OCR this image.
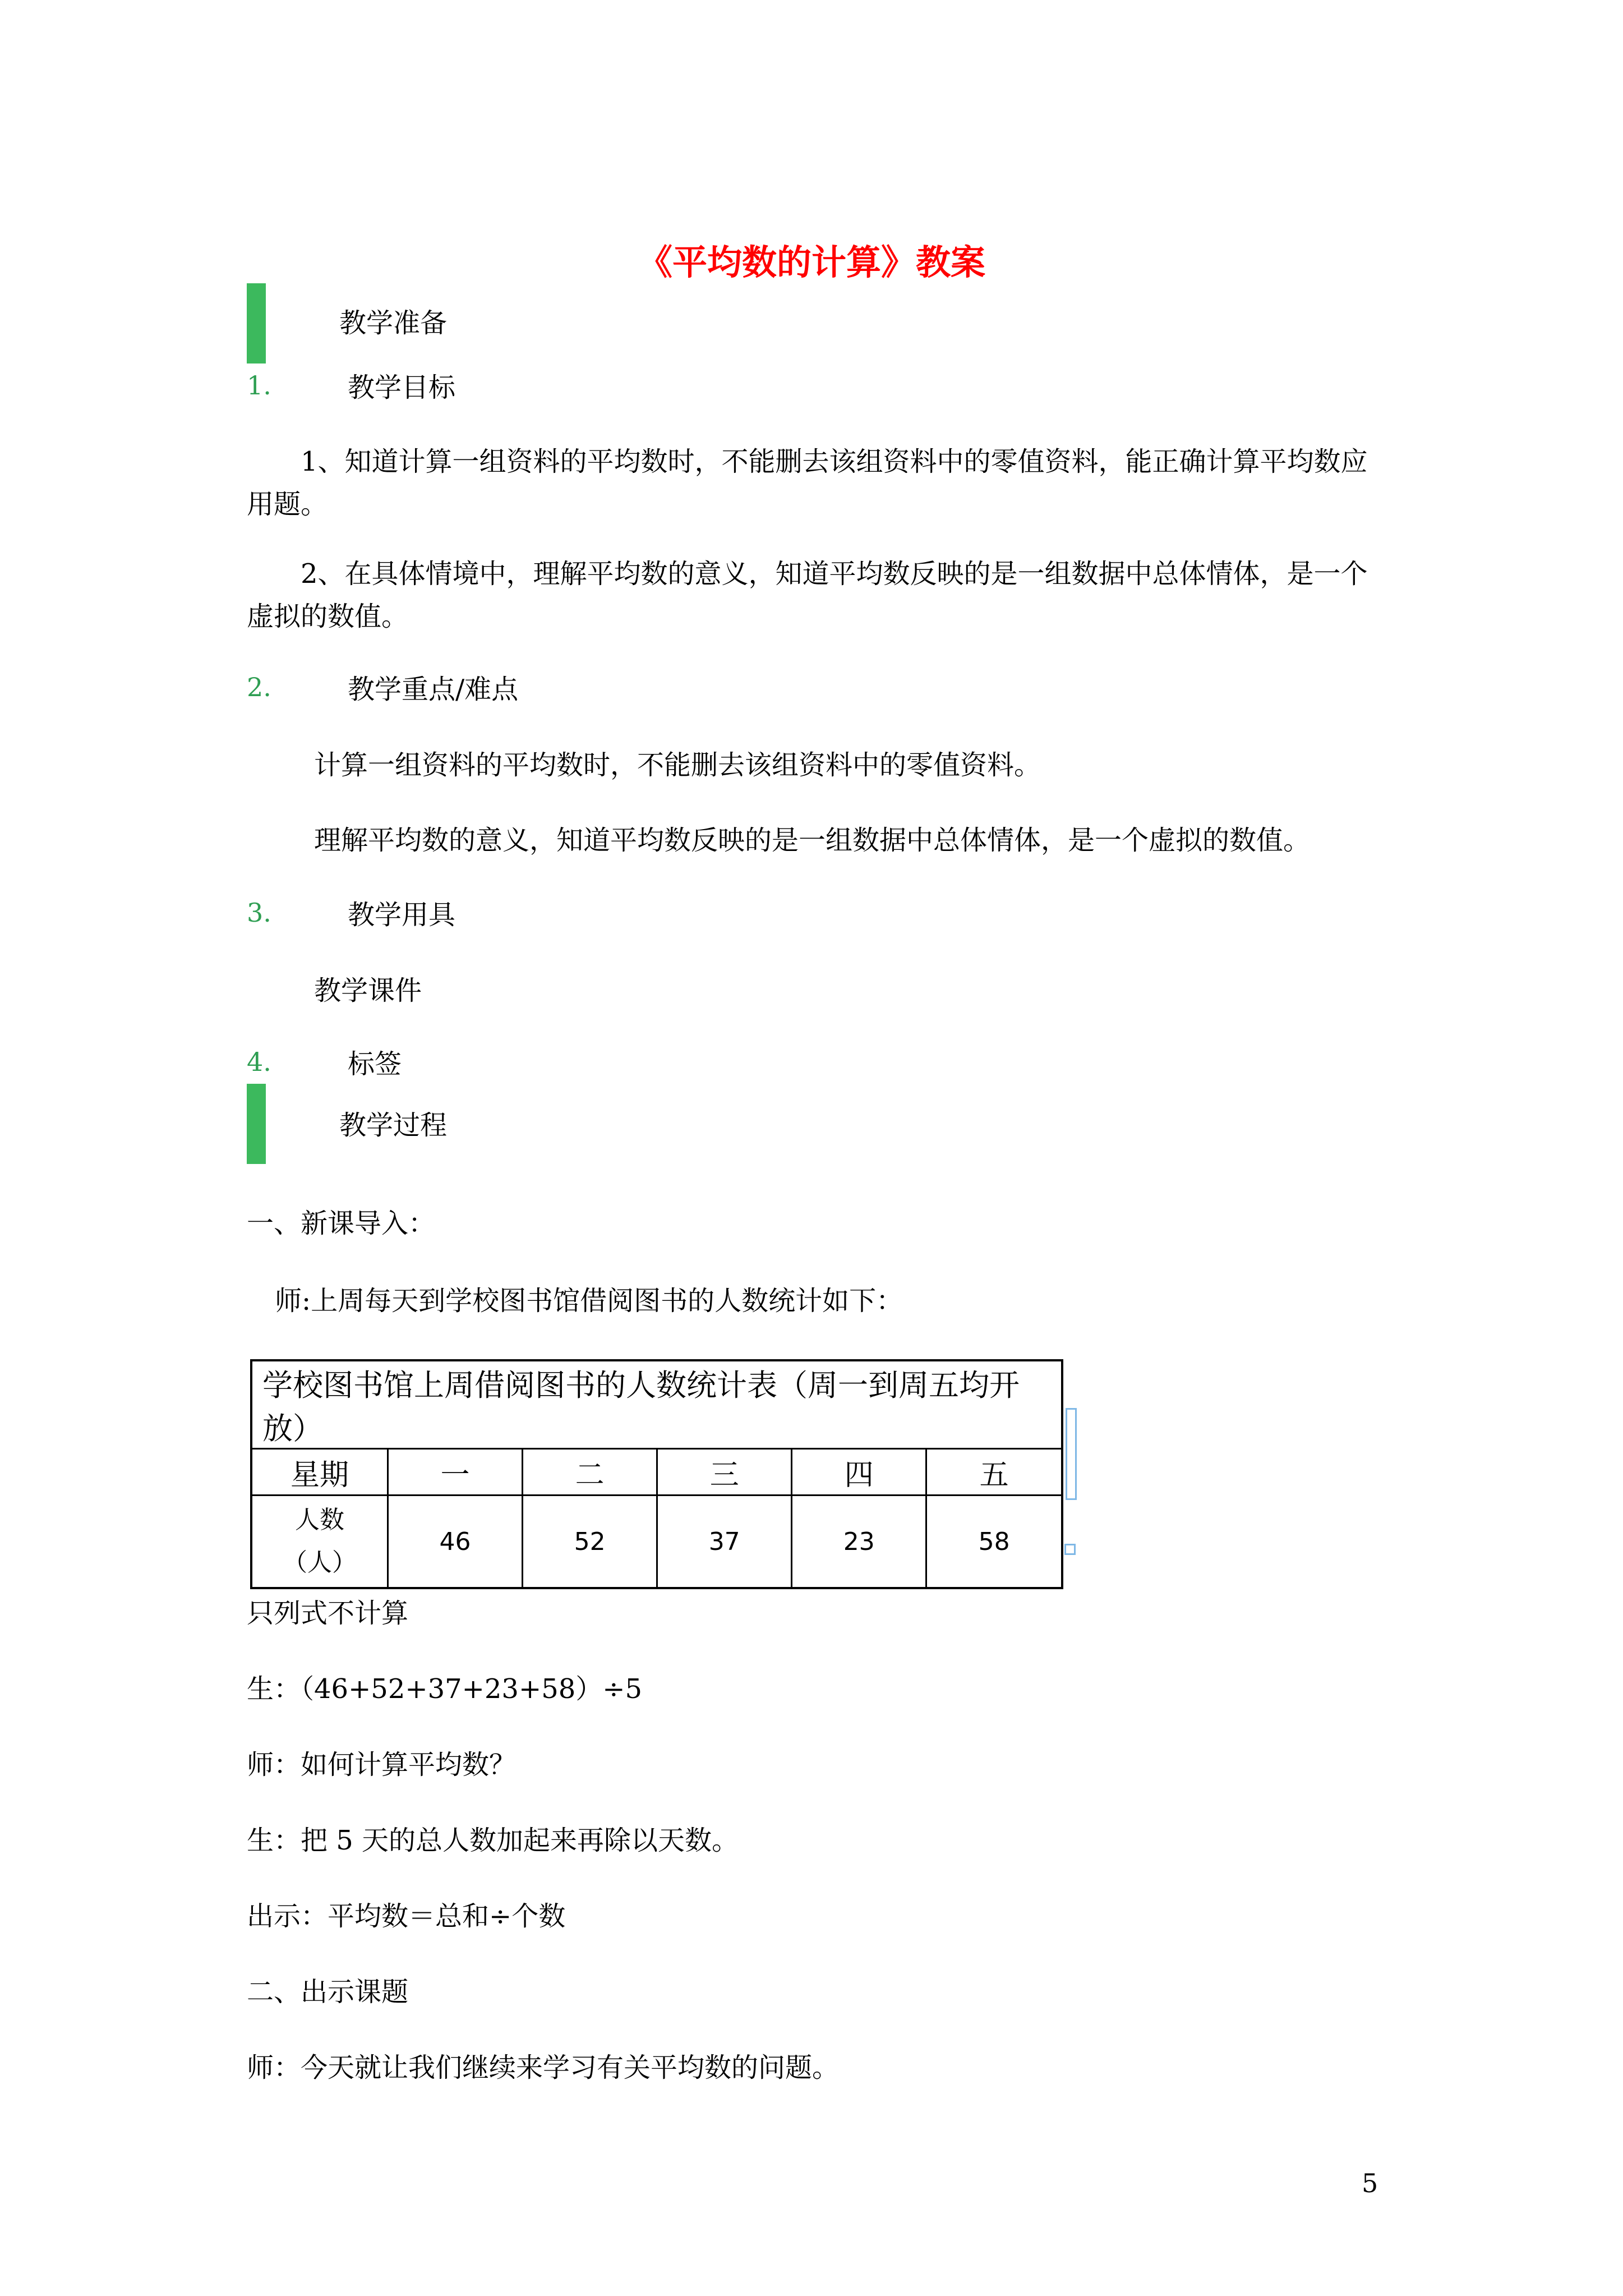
《平均数的计算》教案
教学准备
1.	教学目标
1、知道计算一组资料的平均数时，不能删去该组资料中的零值资料，能正确计算平均数应用题。
2、在具体情境中，理解平均数的意义，知道平均数反映的是一组数据中总体情体，是一个虚拟的数值。
2.	教学重点/难点
计算一组资料的平均数时，不能删去该组资料中的零值资料。
理解平均数的意义，知道平均数反映的是一组数据中总体情体，是一个虚拟的数值。
3.	教学用具
教学课件
4.	标签
教学过程
一、新课导入：
师:上周每天到学校图书馆借阅图书的人数统计如下：
学校图书馆上周借阅图书的人数统计表（周一到周五均开放）					
星期	一	二	三	四	五

人数
（人）	46	52	37	23	58
只列式不计算
生：（46+52+37+23+58）÷5
师：如何计算平均数？
生：把 5 天的总人数加起来再除以天数。
出示：平均数＝总和÷个数
二、出示课题
师：今天就让我们继续来学习有关平均数的问题。
5
